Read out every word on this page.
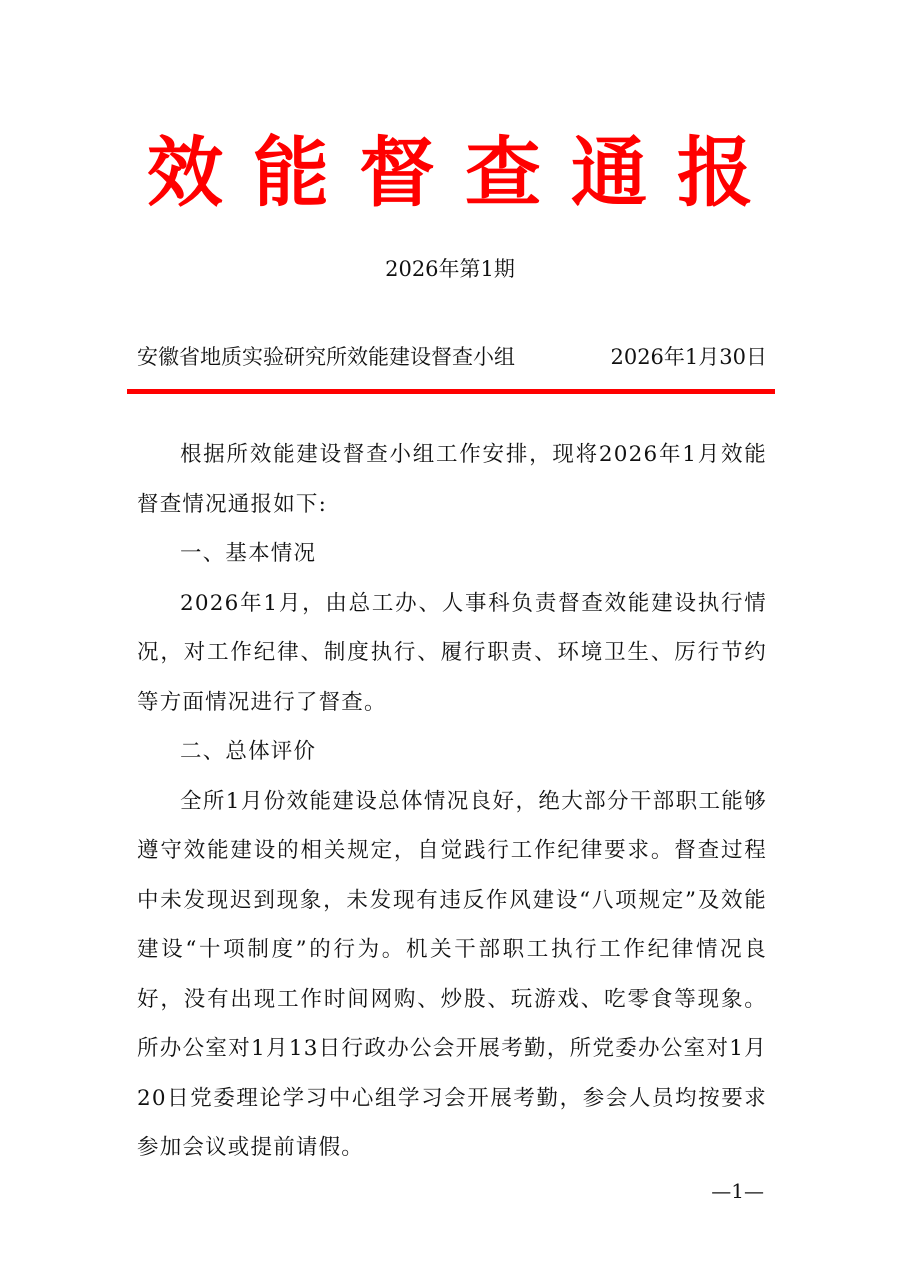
效能督查通报
2026年第1期
安徽省地质实验研究所效能建设督查小组	2026年1月30日

根据所效能建设督查小组工作安排，现将2026年1月效能督查情况通报如下:

一、基本情况

2026年1月，由总工办、人事科负责督查效能建设执行情况，对工作纪律、制度执行、履行职责、环境卫生、厉行节约等方面情况进行了督查。

二、总体评价

全所1月份效能建设总体情况良好，绝大部分干部职工能够遵守效能建设的相关规定，自觉践行工作纪律要求。督查过程中未发现迟到现象，未发现有违反作风建设“八项规定”及效能建设“十项制度”的行为。机关干部职工执行工作纪律情况良好，没有出现工作时间网购、炒股、玩游戏、吃零食等现象。所办公室对1月13日行政办公会开展考勤，所党委办公室对1月20日党委理论学习中心组学习会开展考勤，参会人员均按要求参加会议或提前请假。

—1—
